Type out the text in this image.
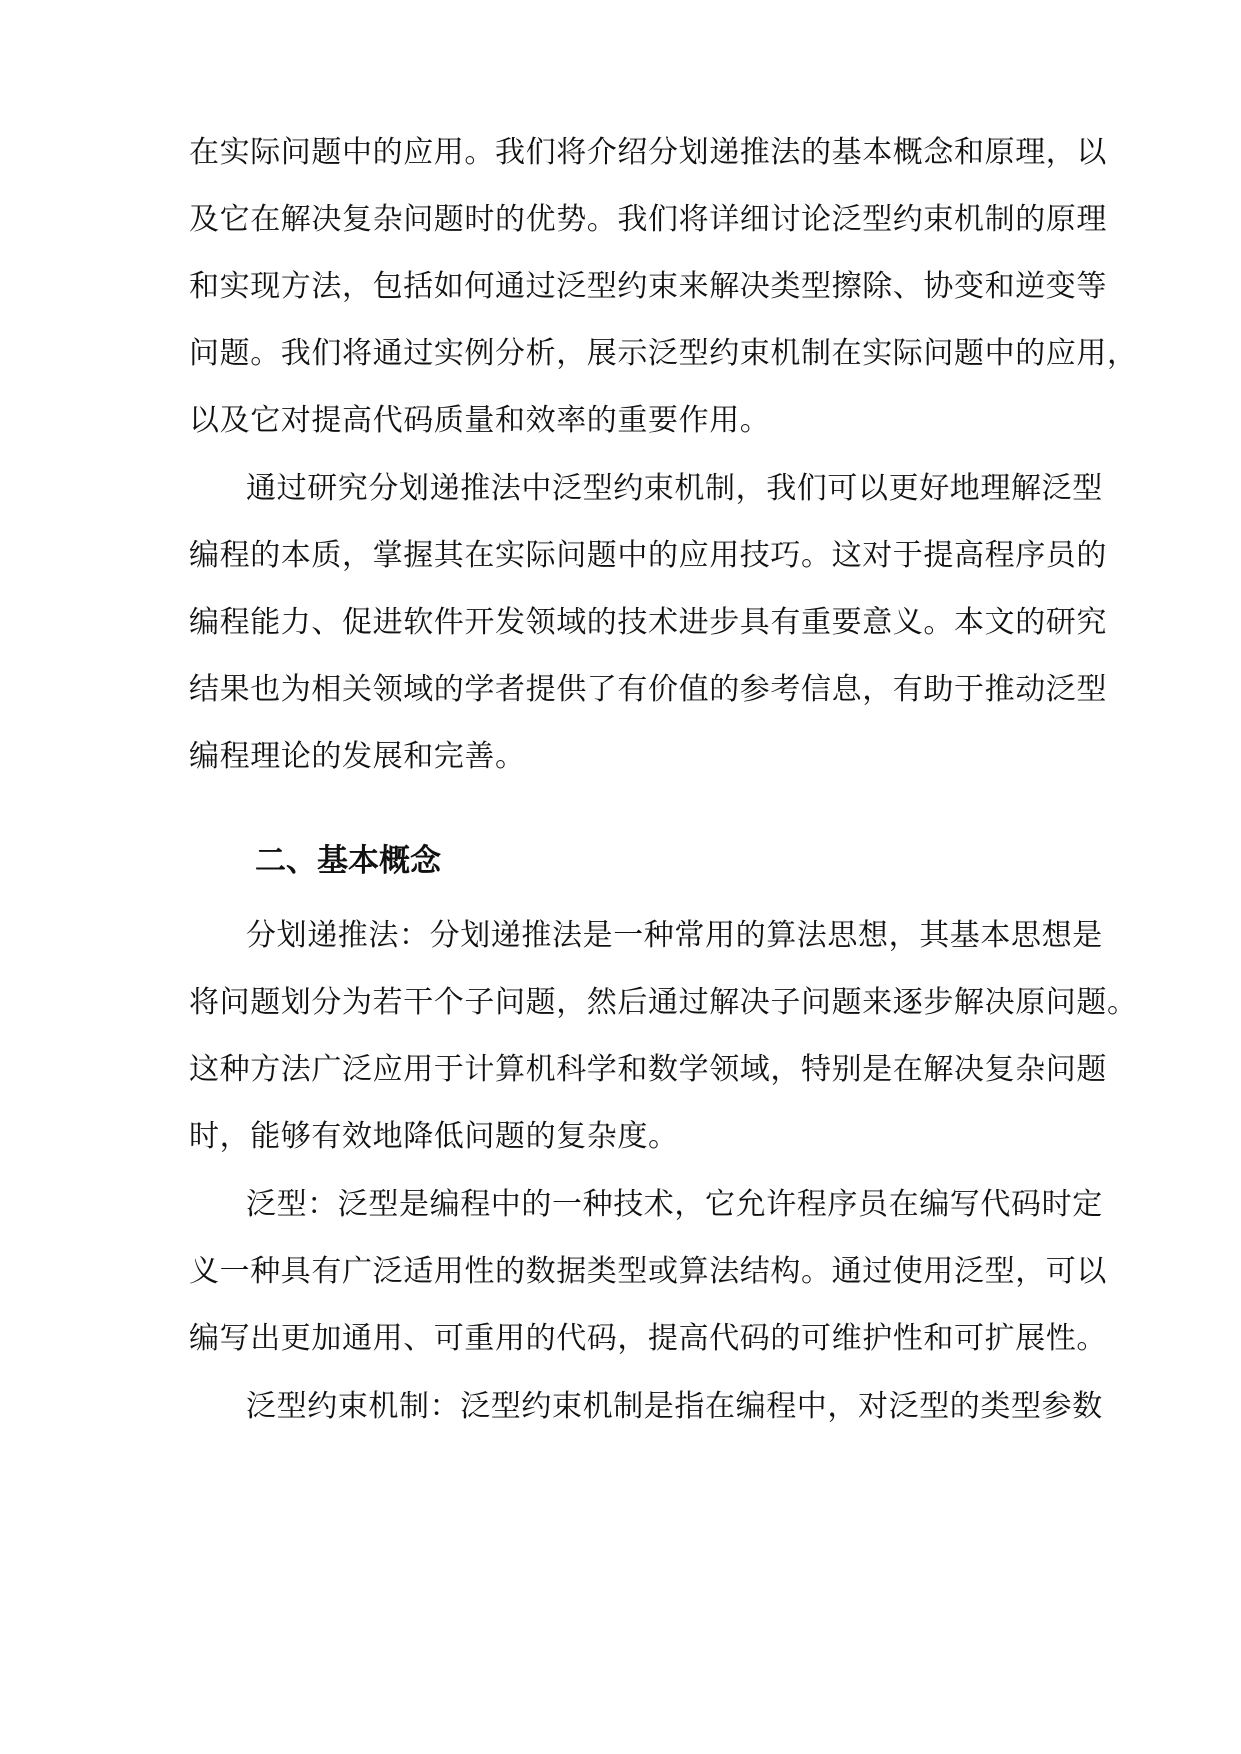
在实际问题中的应用。我们将介绍分划递推法的基本概念和原理，以

及它在解决复杂问题时的优势。我们将详细讨论泛型约束机制的原理

和实现方法，包括如何通过泛型约束来解决类型擦除、协变和逆变等

问题。我们将通过实例分析，展示泛型约束机制在实际问题中的应用，

以及它对提高代码质量和效率的重要作用。

通过研究分划递推法中泛型约束机制，我们可以更好地理解泛型

编程的本质，掌握其在实际问题中的应用技巧。这对于提高程序员的

编程能力、促进软件开发领域的技术进步具有重要意义。本文的研究

结果也为相关领域的学者提供了有价值的参考信息，有助于推动泛型

编程理论的发展和完善。

二、基本概念

分划递推法：分划递推法是一种常用的算法思想，其基本思想是

将问题划分为若干个子问题，然后通过解决子问题来逐步解决原问题。

这种方法广泛应用于计算机科学和数学领域，特别是在解决复杂问题

时，能够有效地降低问题的复杂度。

泛型：泛型是编程中的一种技术，它允许程序员在编写代码时定

义一种具有广泛适用性的数据类型或算法结构。通过使用泛型，可以

编写出更加通用、可重用的代码，提高代码的可维护性和可扩展性。

泛型约束机制：泛型约束机制是指在编程中，对泛型的类型参数
